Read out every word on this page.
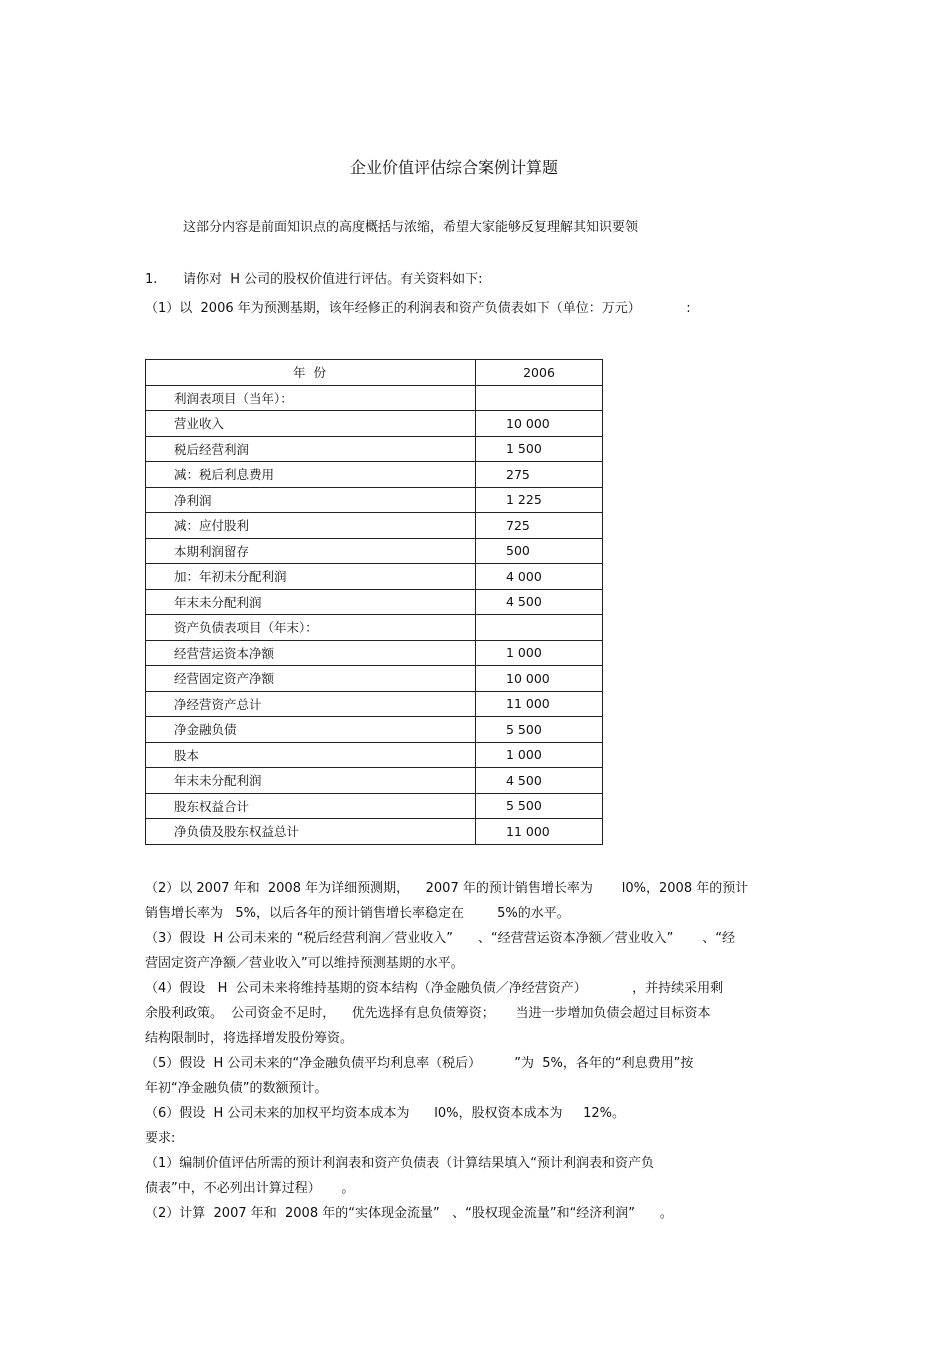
企业价值评估综合案例计算题
这部分内容是前面知识点的高度概括与浓缩，希望大家能够反复理解其知识要领
1. 请你对  H 公司的股权价值进行评估。有关资料如下:
（1）以  2006 年为预测基期，该年经修正的利润表和资产负债表如下（单位：万元）           :
年 份	2006
利润表项目（当年）：	
营业收入	10 000
税后经营利润	1 500
减：税后利息费用	275
净利润	1 225
减：应付股利	725
本期利润留存	500
加：年初未分配利润	4 000
年末未分配利润	4 500
资产负债表项目（年末）：	
经营营运资本净额	1 000
经营固定资产净额	10 000
净经营资产总计	11 000
净金融负债	5 500
股本	1 000
年末未分配利润	4 500
股东权益合计	5 500
净负债及股东权益总计	11 000
（2）以 2007 年和  2008 年为详细预测期，    2007 年的预计销售增长率为       l0%，2008 年的预计
销售增长率为   5%，以后各年的预计销售增长率稳定在        5%的水平。
（3）假设  H 公司未来的 “税后经营利润／营业收入”      、“经营营运资本净额／营业收入”       、“经
营固定资产净额／营业收入”可以维持预测基期的水平。
（4）假设   H  公司未来将维持基期的资本结构（净金融负债／净经营资产）           ，并持续采用剩
余股利政策。  公司资金不足时，    优先选择有息负债筹资；     当进一步增加负债会超过目标资本
结构限制时，将选择增发股份筹资。
（5）假设  H 公司未来的“净金融负债平均利息率（税后）        ”为  5%，各年的“利息费用”按
年初“净金融负债”的数额预计。
（6）假设  H 公司未来的加权平均资本成本为      l0%，股权资本成本为     12%。
要求:
（1）编制价值评估所需的预计利润表和资产负债表（计算结果填入“预计利润表和资产负
债表”中，不必列出计算过程）     。
（2）计算  2007 年和  2008 年的“实体现金流量”   、“股权现金流量”和“经济利润”      。
